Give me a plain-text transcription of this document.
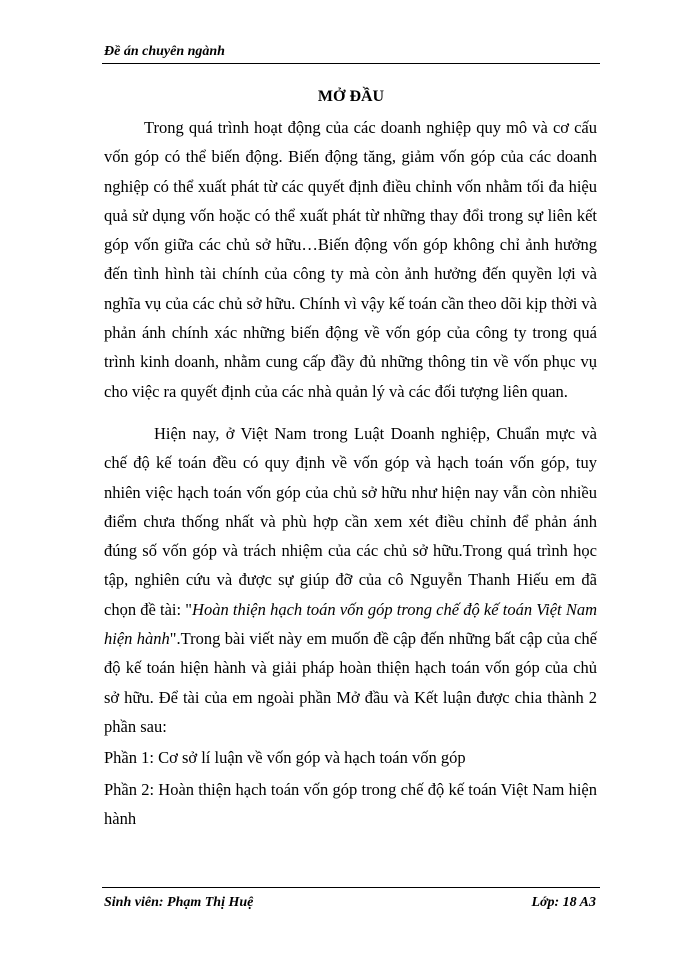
Đề án chuyên ngành
MỞ ĐẦU

Trong quá trình hoạt động của các doanh nghiệp quy mô và cơ cấu vốn góp có thể biến động. Biến động tăng, giảm vốn góp của các doanh nghiệp có thể xuất phát từ các quyết định điều chỉnh vốn nhằm tối đa hiệu quả sử dụng vốn hoặc có thể xuất phát từ những thay đổi trong sự liên kết góp vốn giữa các chủ sở hữu…Biến động vốn góp không chỉ ảnh hưởng đến tình hình tài chính của công ty mà còn ảnh hưởng đến quyền lợi và nghĩa vụ của các chủ sở hữu. Chính vì vậy kế toán cần theo dõi kịp thời và phản ánh chính xác những biến động về vốn góp của công ty trong quá trình kinh doanh, nhằm cung cấp đầy đủ những thông tin về vốn phục vụ cho việc ra quyết định của các nhà quản lý và các đối tượng liên quan.

Hiện nay, ở Việt Nam trong Luật Doanh nghiệp, Chuẩn mực và chế độ kế toán đều có quy định về vốn góp và hạch toán vốn góp, tuy nhiên việc hạch toán vốn góp của chủ sở hữu như hiện nay vẫn còn nhiều điểm chưa thống nhất và phù hợp cần xem xét điều chỉnh để phản ánh đúng số vốn góp và trách nhiệm của các chủ sở hữu.Trong quá trình học tập, nghiên cứu và được sự giúp đỡ của cô Nguyễn Thanh Hiếu em đã chọn đề tài: "Hoàn thiện hạch toán vốn góp trong chế độ kế toán Việt Nam hiện hành".Trong bài viết này em muốn đề cập đến những bất cập của chế độ kế toán hiện hành và giải pháp hoàn thiện hạch toán vốn góp của chủ sở hữu. Để tài của em ngoài phần Mở đầu và Kết luận được chia thành 2 phần sau:

Phần 1: Cơ sở lí luận về vốn góp và hạch toán vốn góp

Phần 2: Hoàn thiện hạch toán vốn góp trong chế độ kế toán Việt Nam hiện hành

Sinh viên: Phạm Thị Huệ	Lớp: 18 A3
